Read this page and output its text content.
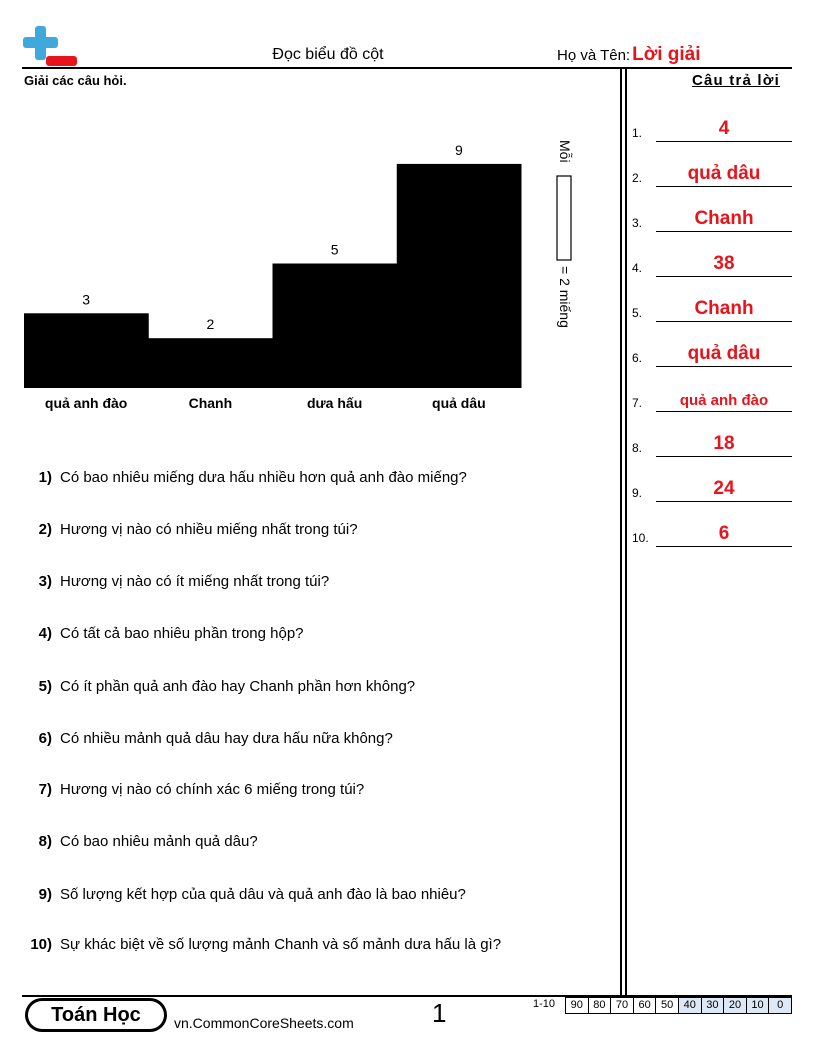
Đọc biểu đồ cột	Họ và Tên: Lời giải
Giải các câu hỏi.
3
quả anh đào
2
Chanh
5
dưa hấu
9
quả dâu
Mỗi
= 2 miếng
Câu trả lời
1.	4
2.	quả dâu
3.	Chanh
4.	38
5.	Chanh
6.	quả dâu
7.	quả anh đào
8.	18
9.	24
10.	6
1) Có bao nhiêu miếng dưa hấu nhiều hơn quả anh đào miếng?
2) Hương vị nào có nhiều miếng nhất trong túi?
3) Hương vị nào có ít miếng nhất trong túi?
4) Có tất cả bao nhiêu phần trong hộp?
5) Có ít phần quả anh đào hay Chanh phần hơn không?
6) Có nhiều mảnh quả dâu hay dưa hấu nữa không?
7) Hương vị nào có chính xác 6 miếng trong túi?
8) Có bao nhiêu mảnh quả dâu?
9) Số lượng kết hợp của quả dâu và quả anh đào là bao nhiêu?
10) Sự khác biệt về số lượng mảnh Chanh và số mảnh dưa hấu là gì?
Toán Học	vn.CommonCoreSheets.com	1	1-10	90 80 70 60 50 40 30 20 10	0
